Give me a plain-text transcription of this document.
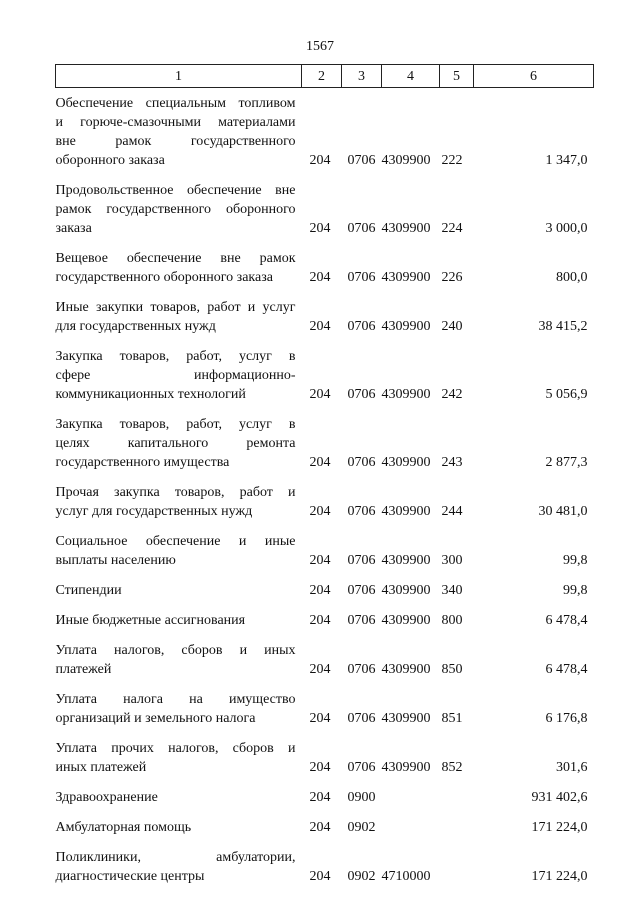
1567
1	2	3	4	5	6

Обеспечение специальным топливом
и горюче-смазочными материалами
вне рамок государственного
оборонного заказа	204	0706	4309900	222	1 347,0

Продовольственное обеспечение вне
рамок государственного оборонного
заказа	204	0706	4309900	224	3 000,0

Вещевое обеспечение вне рамок
государственного оборонного заказа	204	0706	4309900	226	800,0

Иные закупки товаров, работ и услуг
для государственных нужд	204	0706	4309900	240	38 415,2

Закупка товаров, работ, услуг в
сфере информационно-
коммуникационных технологий	204	0706	4309900	242	5 056,9

Закупка товаров, работ, услуг в
целях капитального ремонта
государственного имущества	204	0706	4309900	243	2 877,3

Прочая закупка товаров, работ и
услуг для государственных нужд	204	0706	4309900	244	30 481,0

Социальное обеспечение и иные
выплаты населению	204	0706	4309900	300	99,8

Стипендии	204	0706	4309900	340	99,8

Иные бюджетные ассигнования	204	0706	4309900	800	6 478,4

Уплата налогов, сборов и иных
платежей	204	0706	4309900	850	6 478,4

Уплата налога на имущество
организаций и земельного налога	204	0706	4309900	851	6 176,8

Уплата прочих налогов, сборов и
иных платежей	204	0706	4309900	852	301,6

Здравоохранение	204	0900			931 402,6

Амбулаторная помощь	204	0902			171 224,0

Поликлиники, амбулатории,
диагностические центры	204	0902	4710000		171 224,0
